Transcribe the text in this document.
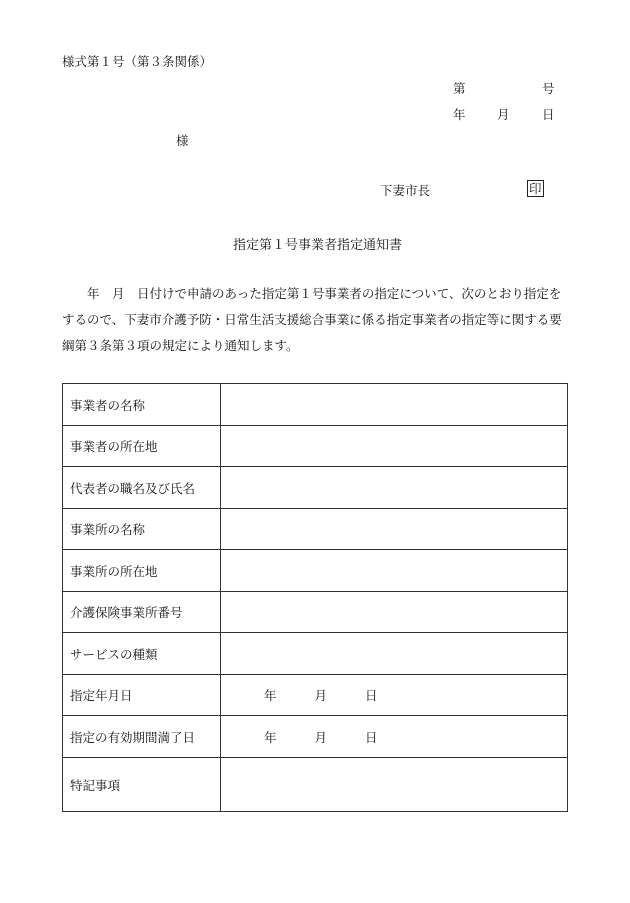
様式第１号（第３条関係）
第	号
年	月	日
様
下妻市長	印
指定第１号事業者指定通知書
年　月　日付けで申請のあった指定第１号事業者の指定について、次のとおり指定を
するので、下妻市介護予防・日常生活支援総合事業に係る指定事業者の指定等に関する要
綱第３条第３項の規定により通知します。
事業者の名称	
事業者の所在地	
代表者の職名及び氏名	
事業所の名称	
事業所の所在地	
介護保険事業所番号	
サービスの種類	
指定年月日	年 月 日
指定の有効期間満了日	年 月 日
特記事項	
